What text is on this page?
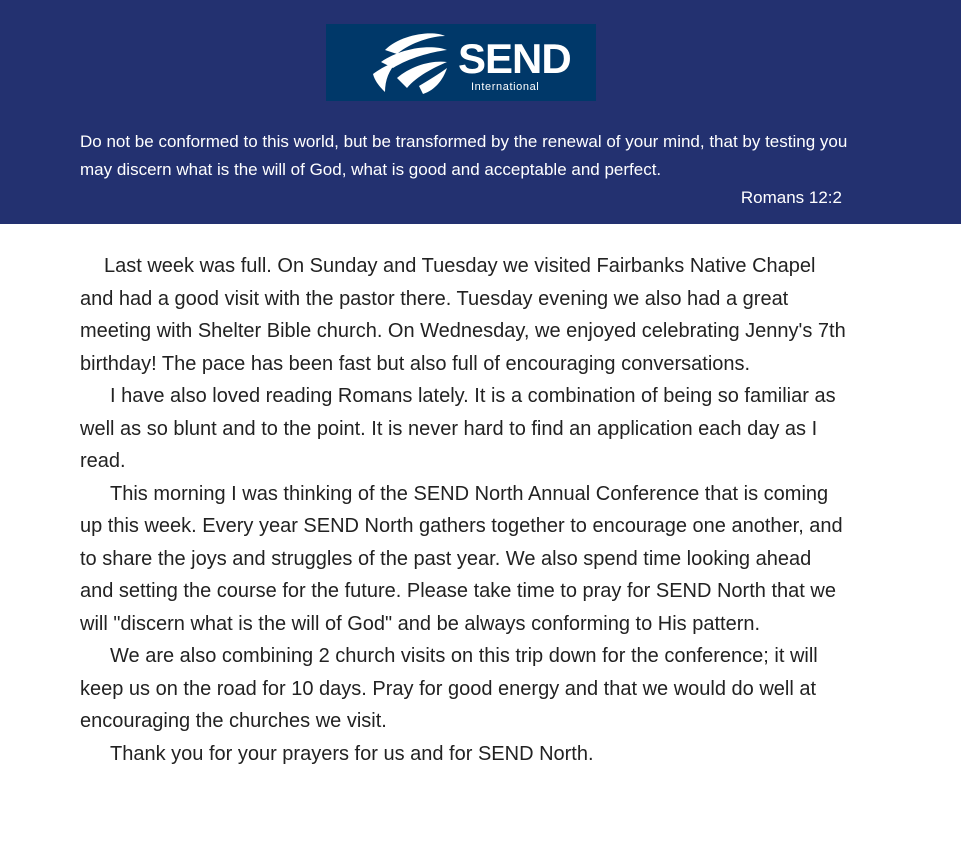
SEND
International
Do not be conformed to this world, but be transformed by the renewal of your mind, that by testing you may discern what is the will of God, what is good and acceptable and perfect.
Romans 12:2

Last week was full. On Sunday and Tuesday we visited Fairbanks Native Chapel and had a good visit with the pastor there. Tuesday evening we also had a great meeting with Shelter Bible church. On Wednesday, we enjoyed celebrating Jenny's 7th birthday! The pace has been fast but also full of encouraging conversations.

I have also loved reading Romans lately. It is a combination of being so familiar as well as so blunt and to the point. It is never hard to find an application each day as I read.

This morning I was thinking of the SEND North Annual Conference that is coming up this week. Every year SEND North gathers together to encourage one another, and to share the joys and struggles of the past year. We also spend time looking ahead and setting the course for the future. Please take time to pray for SEND North that we will "discern what is the will of God" and be always conforming to His pattern.

We are also combining 2 church visits on this trip down for the conference; it will keep us on the road for 10 days. Pray for good energy and that we would do well at encouraging the churches we visit.

Thank you for your prayers for us and for SEND North.
